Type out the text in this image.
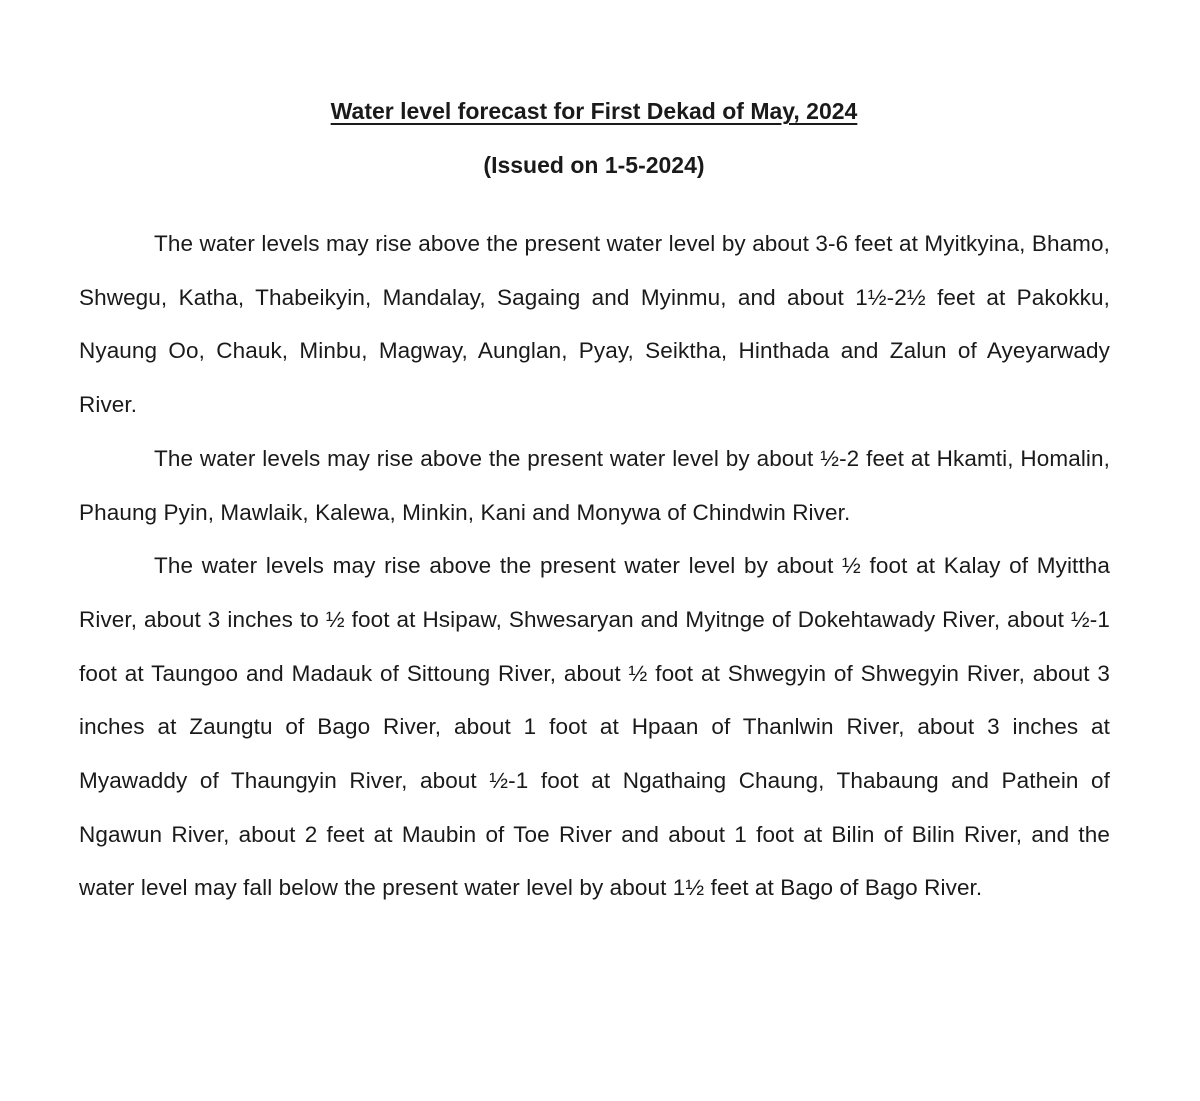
Water level forecast for First Dekad of May, 2024
(Issued on 1-5-2024)

The water levels may rise above the present water level by about 3-6 feet at Myitkyina, Bhamo, Shwegu, Katha, Thabeikyin, Mandalay, Sagaing and Myinmu, and about 1½-2½ feet at Pakokku, Nyaung Oo, Chauk, Minbu, Magway, Aunglan, Pyay, Seiktha, Hinthada and Zalun of Ayeyarwady River.

The water levels may rise above the present water level by about ½-2 feet at Hkamti, Homalin, Phaung Pyin, Mawlaik, Kalewa, Minkin, Kani and Monywa of Chindwin River.

The water levels may rise above the present water level by about ½ foot at Kalay of Myittha River, about 3 inches to ½ foot at Hsipaw, Shwesaryan and Myitnge of Dokehtawady River, about ½-1 foot at Taungoo and Madauk of Sittoung River, about ½ foot at Shwegyin of Shwegyin River, about 3 inches at Zaungtu of Bago River, about 1 foot at Hpaan of Thanlwin River, about 3 inches at Myawaddy of Thaungyin River, about ½-1 foot at Ngathaing Chaung, Thabaung and Pathein of Ngawun River, about 2 feet at Maubin of Toe River and about 1 foot at Bilin of Bilin River, and the water level may fall below the present water level by about 1½ feet at Bago of Bago River.
